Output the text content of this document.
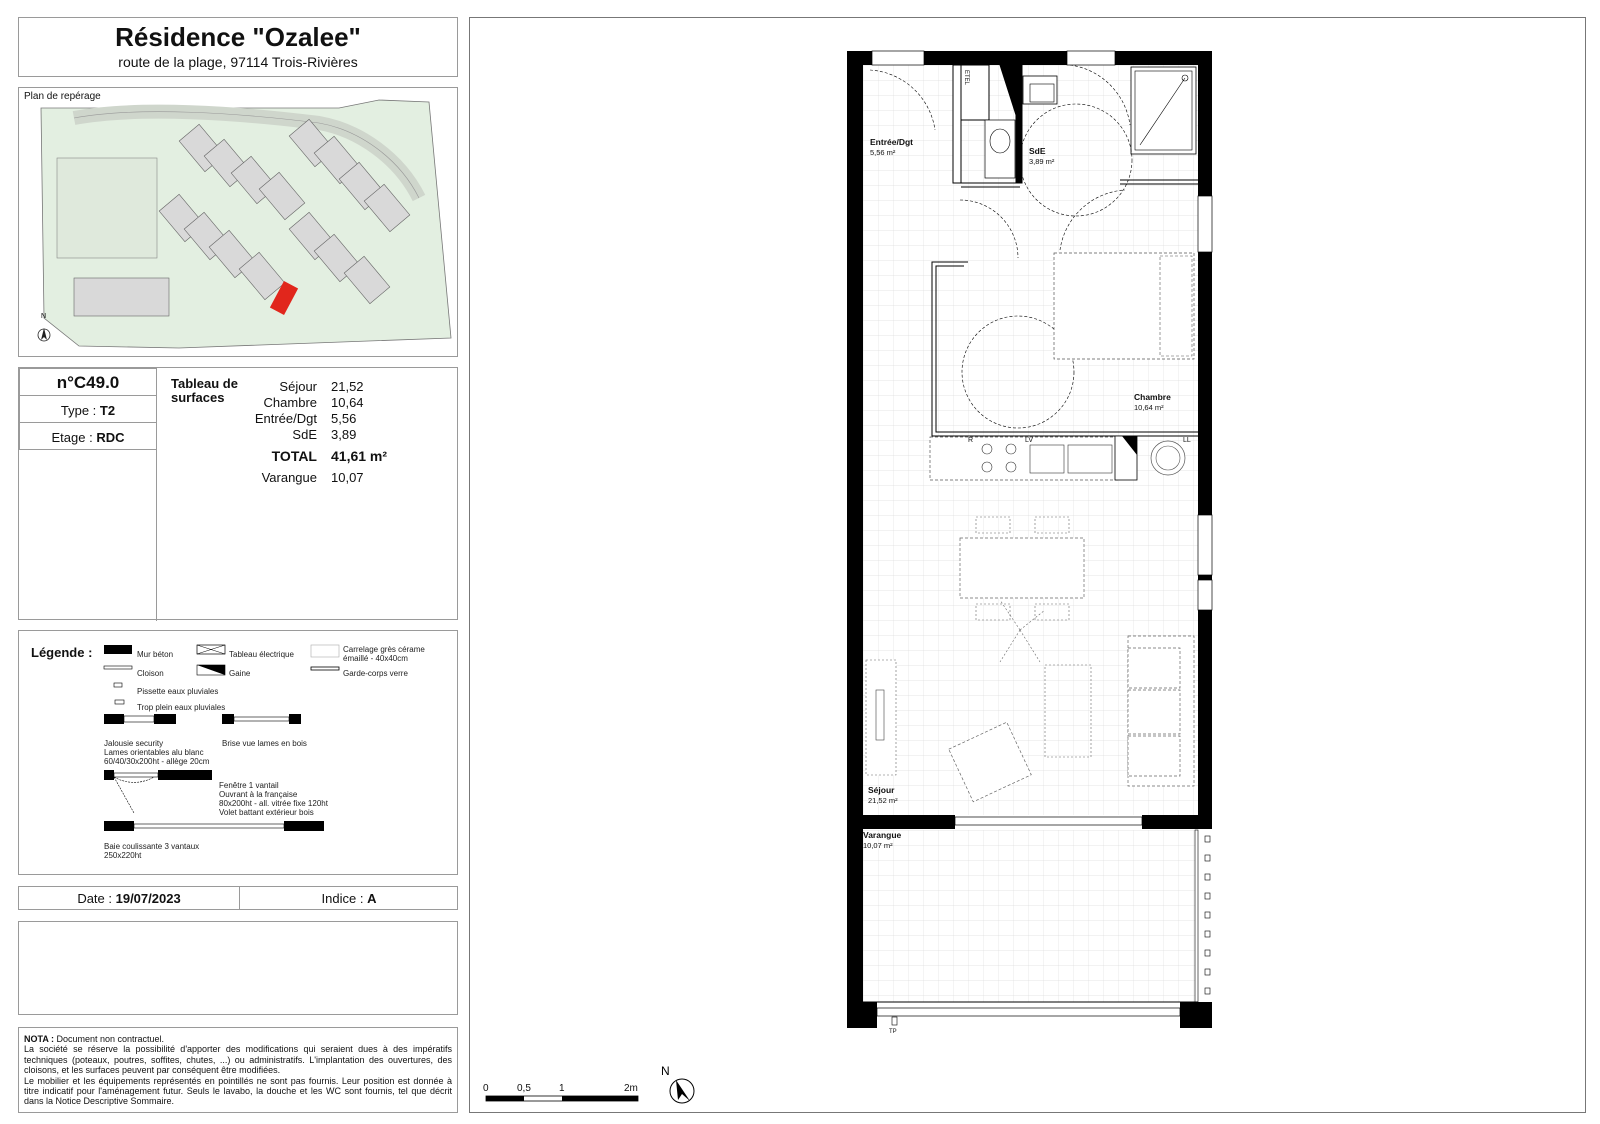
Résidence "Ozalee"
route de la plage, 97114 Trois-Rivières
Plan de repérage
N
n°C49.0
Type : T2
Etage : RDC
Tableau de
surfaces
Séjour 21,52
Chambre 10,64
Entrée/Dgt 5,56
SdE 3,89
TOTAL 41,61 m²
Varangue 10,07
Légende :	Mur béton	Tableau électrique
Carrelage grès cérame
émaillé - 40x40cm
Cloison	Gaine	Garde-corps verre
Pissette eaux pluviales
Trop plein eaux pluviales
Jalousie security
Lames orientables alu blanc
60/40/30x200ht - allège 20cm
Brise vue lames en bois
Fenêtre 1 vantail
Ouvrant à la française
80x200ht - all. vitrée fixe 120ht
Volet battant extérieur bois
Baie coulissante 3 vantaux
250x220ht
Date : 19/07/2023	Indice : A
NOTA : Document non contractuel.
La société se réserve la possibilité d'apporter des modifications qui seraient dues à des impératifs techniques (poteaux, poutres, soffites, chutes, ...) ou administratifs. L'implantation des ouvertures, des cloisons, et les surfaces peuvent par conséquent être modifiées.
Le mobilier et les équipements représentés en pointillés ne sont pas fournis. Leur position est donnée à titre indicatif pour l'aménagement futur. Seuls le lavabo, la douche et les WC sont fournis, tel que décrit dans la Notice Descriptive Sommaire.
Entrée/Dgt
5,56 m²	SdE
3,89 m²
Chambre
10,64 m²
Séjour
21,52 m²
Varangue
10,07 m²
ETEL
R	LV	LL
TP
0	0,5	1	2m
N
